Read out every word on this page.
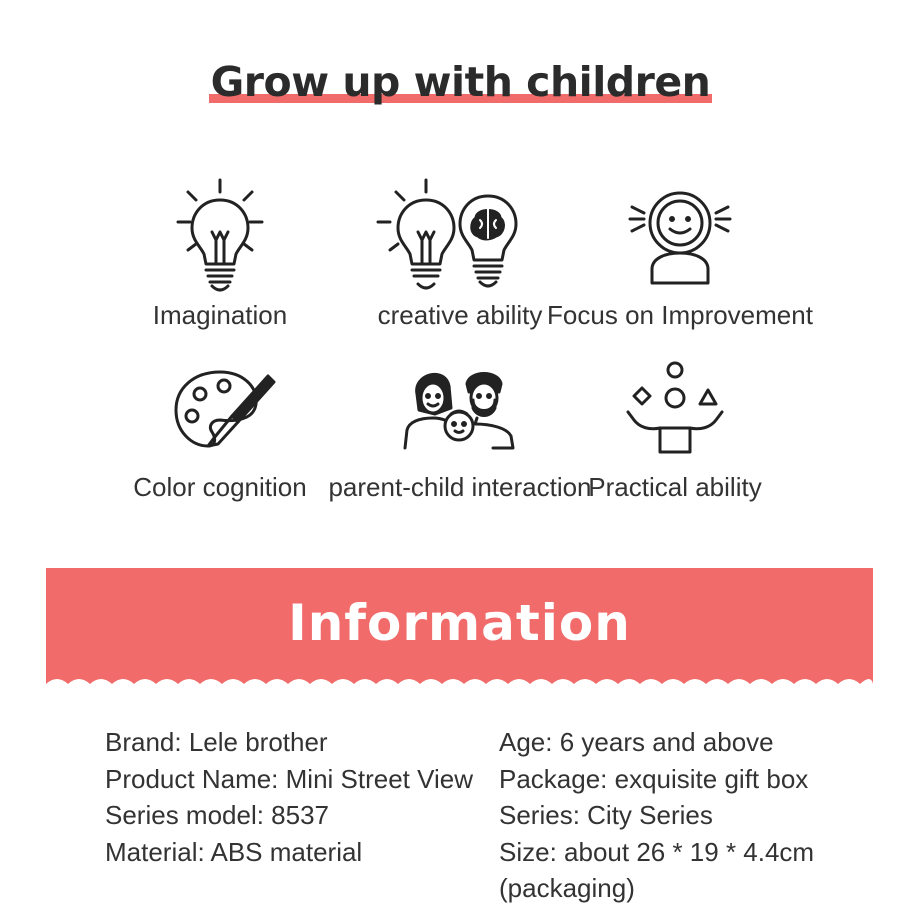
Grow up with children
Imagination	creative ability Focus on Improvement
Color cognition parent-child interaction
Practical ability
Information
Brand: Lele brother
Product Name: Mini Street View
Series model: 8537
Material: ABS material
Age: 6 years and above
Package: exquisite gift box
Series: City Series
Size: about 26 * 19 * 4.4cm
(packaging)
